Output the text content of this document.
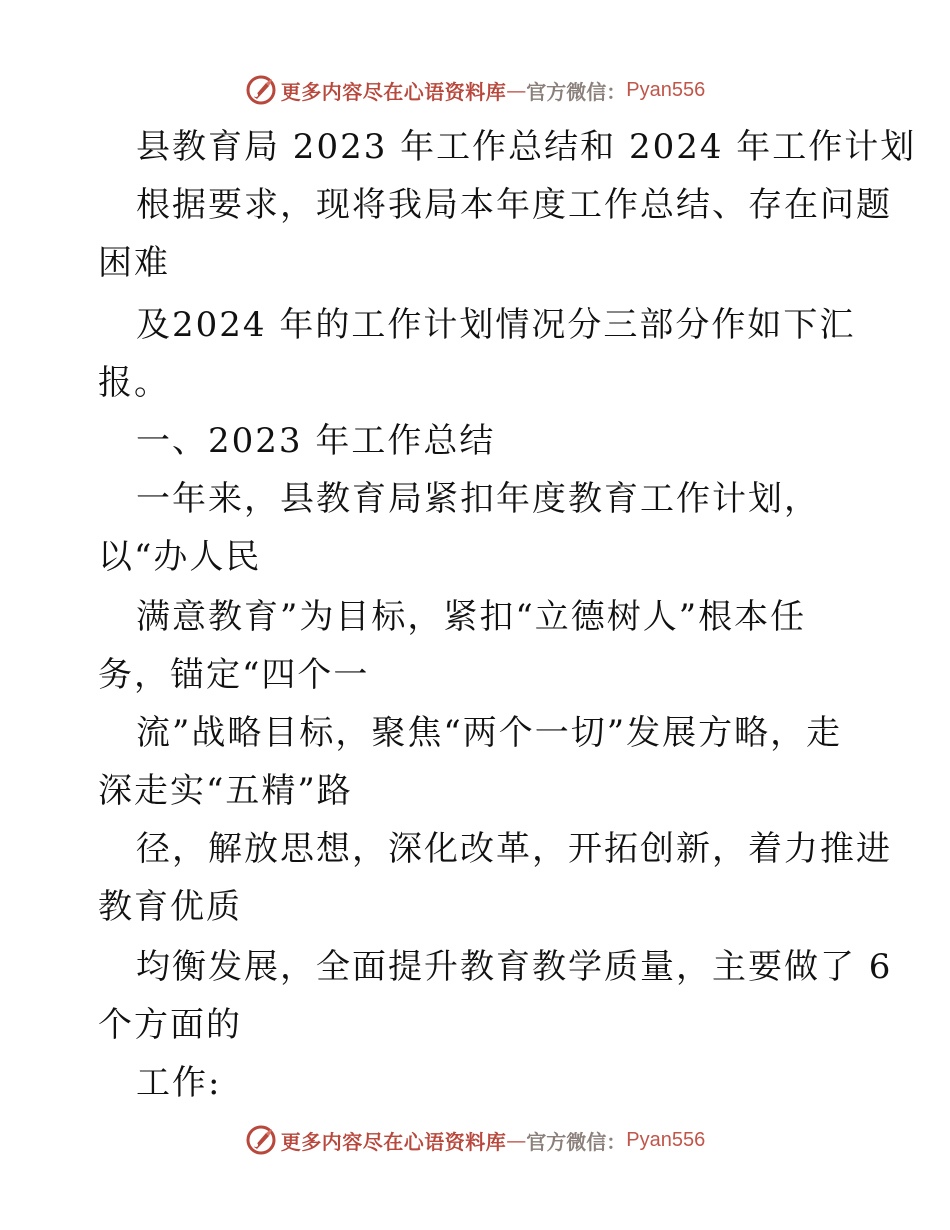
更多内容尽在心语资料库 — 官方微信： Pyan556
县教育局 2023 年工作总结和 2024 年工作计划
根据要求，现将我局本年度工作总结、存在问题
困难
及2024 年的工作计划情况分三部分作如下汇
报。
一、2023 年工作总结
一年来，县教育局紧扣年度教育工作计划，
以“办人民
满意教育”为目标，紧扣“立德树人”根本任
务，锚定“四个一
流”战略目标，聚焦“两个一切”发展方略，走
深走实“五精”路
径，解放思想，深化改革，开拓创新，着力推进
教育优质
均衡发展，全面提升教育教学质量，主要做了 6
个方面的
工作:
更多内容尽在心语资料库 — 官方微信： Pyan556
